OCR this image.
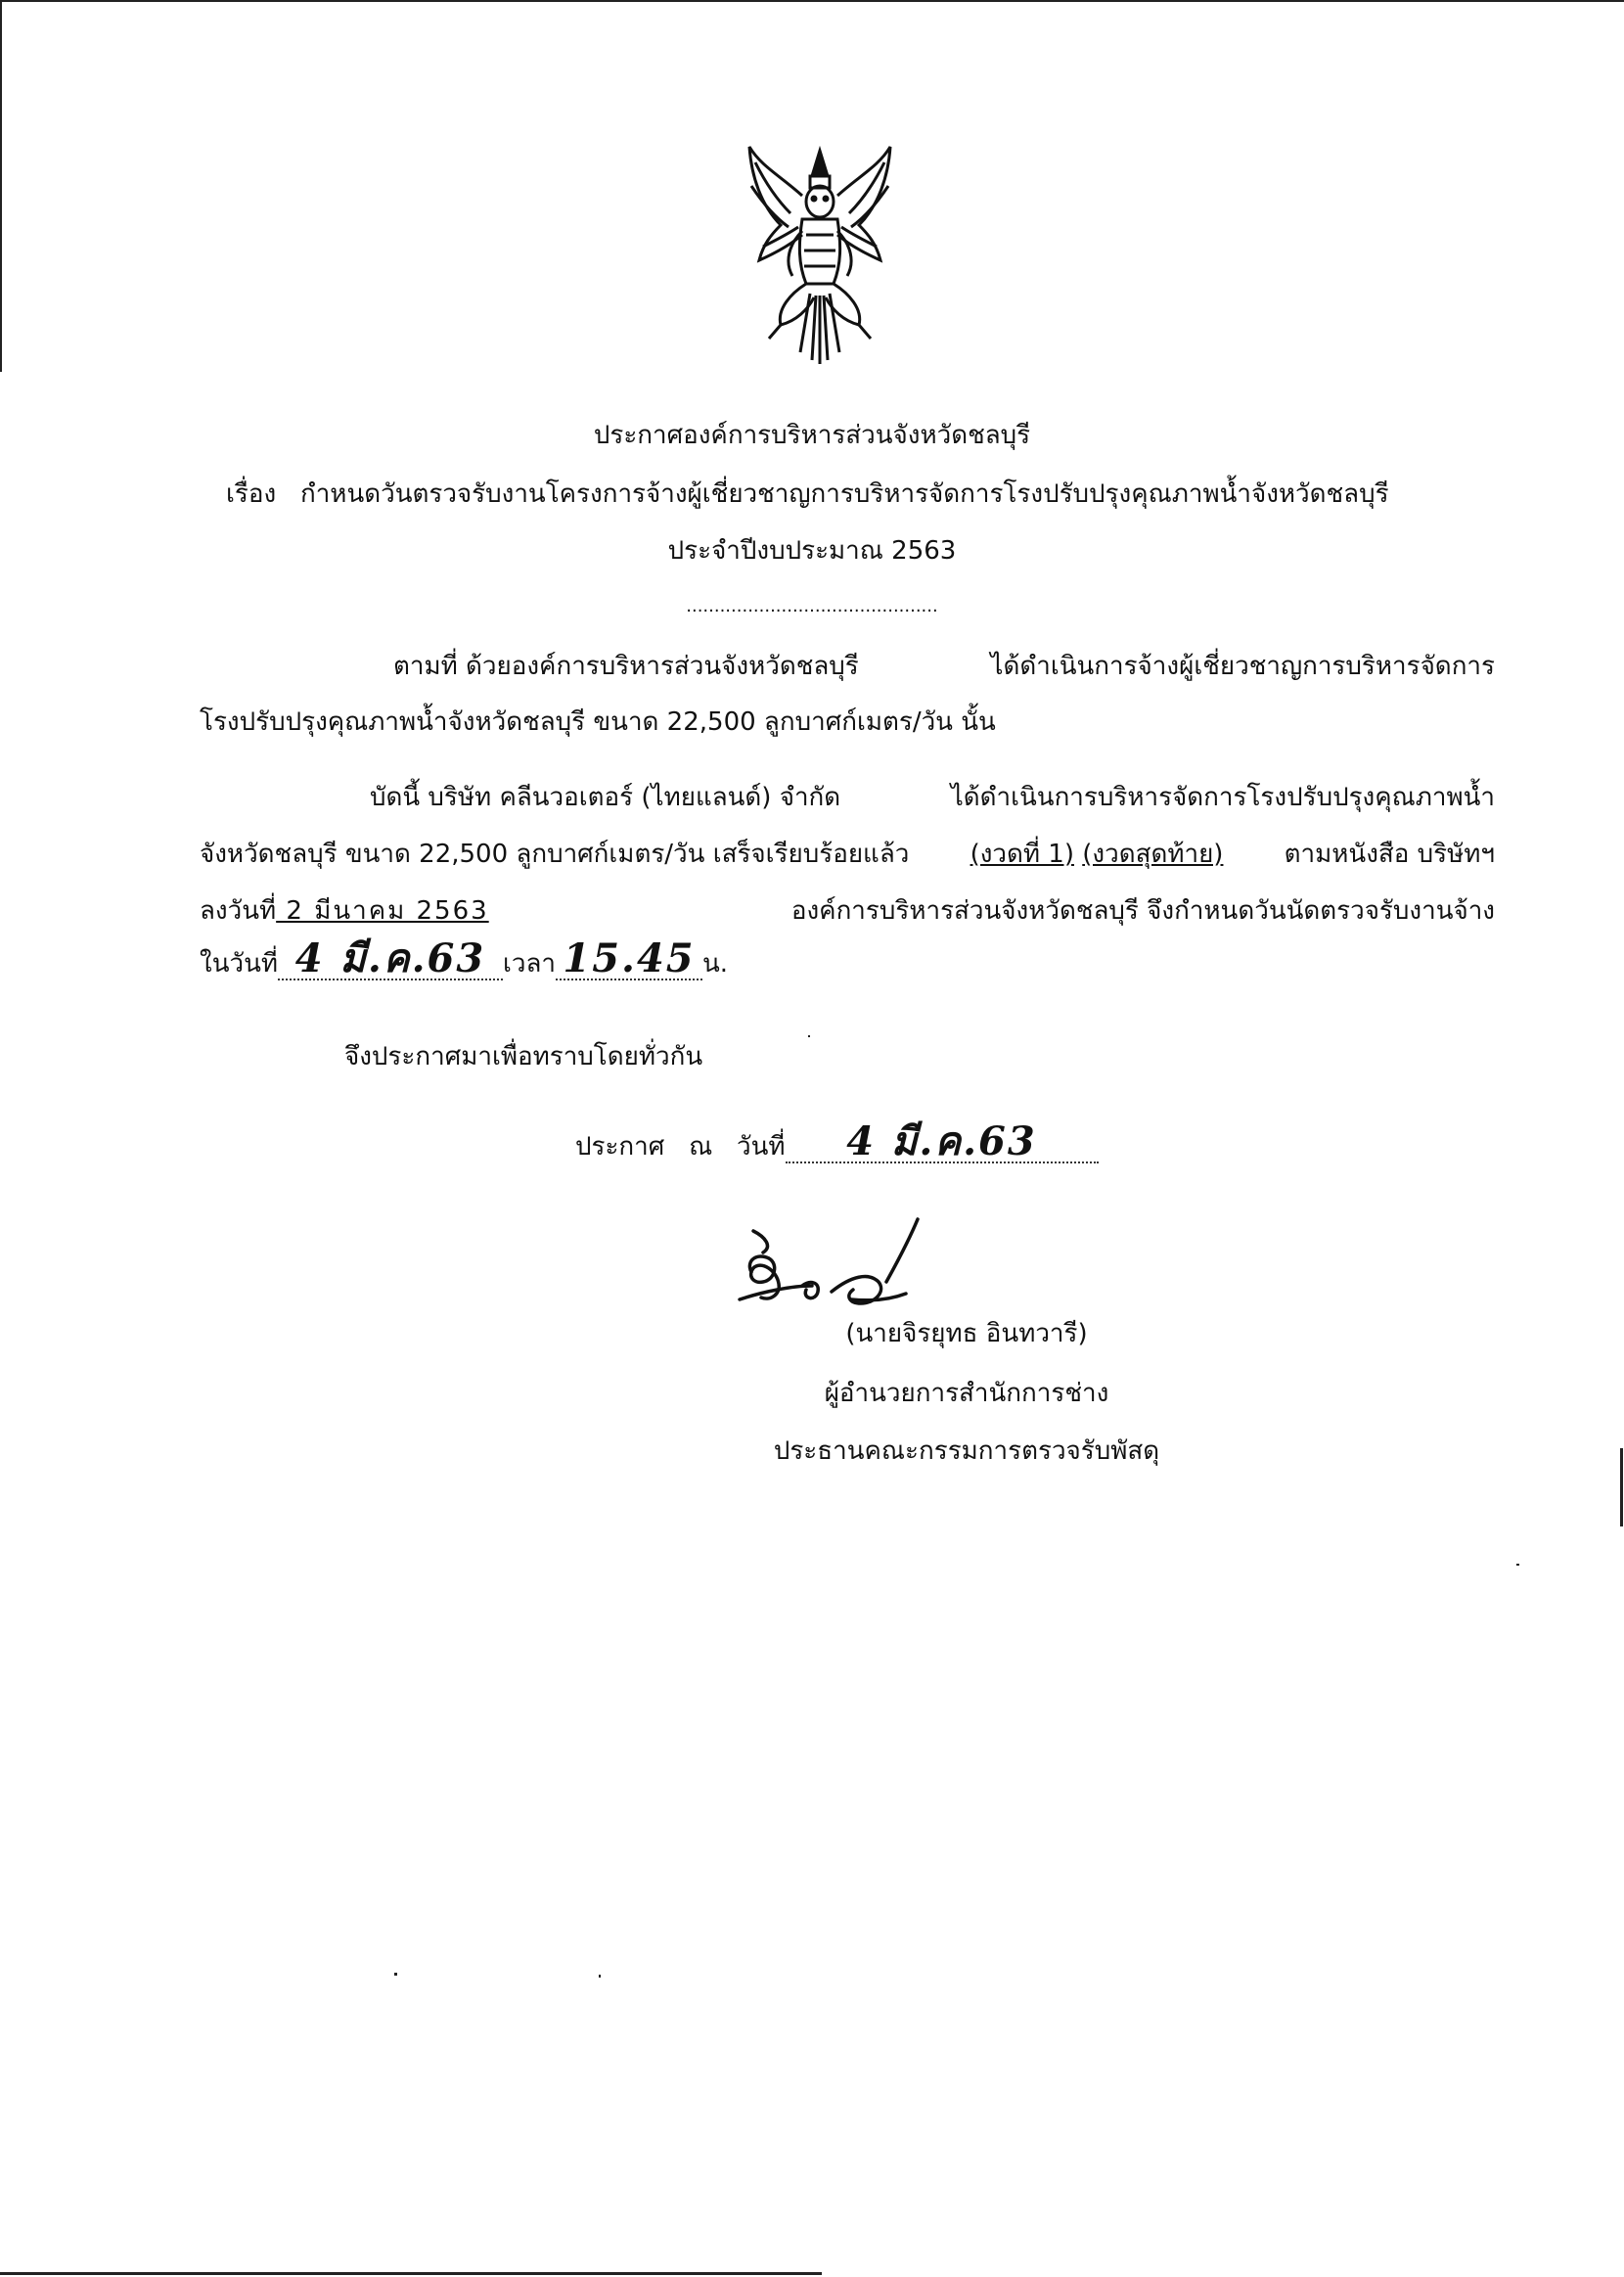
ประกาศองค์การบริหารส่วนจังหวัดชลบุรี
เรื่อง กำหนดวันตรวจรับงานโครงการจ้างผู้เชี่ยวชาญการบริหารจัดการโรงปรับปรุงคุณภาพน้ำจังหวัดชลบุรี
ประจำปีงบประมาณ 2563
.............................................
ตามที่ ด้วยองค์การบริหารส่วนจังหวัดชลบุรี	ได้ดำเนินการจ้างผู้เชี่ยวชาญการบริหารจัดการ
โรงปรับปรุงคุณภาพน้ำจังหวัดชลบุรี ขนาด 22,500 ลูกบาศก์เมตร/วัน นั้น
บัดนี้ บริษัท คลีนวอเตอร์ (ไทยแลนด์) จำกัด	ได้ดำเนินการบริหารจัดการโรงปรับปรุงคุณภาพน้ำ
จังหวัดชลบุรี ขนาด 22,500 ลูกบาศก์เมตร/วัน เสร็จเรียบร้อยแล้ว (งวดที่ 1) (งวดสุดท้าย) ตามหนังสือ บริษัทฯ
ลงวันที่ 2 มีนาคม 2563	องค์การบริหารส่วนจังหวัดชลบุรี จึงกำหนดวันนัดตรวจรับงานจ้าง
ในวันที่ 4 มี.ค.63 เวลา 15.45 น.
จึงประกาศมาเพื่อทราบโดยทั่วกัน
ประกาศ   ณ   วันที่ 4 มี.ค.63
(นายจิรยุทธ อินทวารี)
ผู้อำนวยการสำนักการช่าง
ประธานคณะกรรมการตรวจรับพัสดุ
